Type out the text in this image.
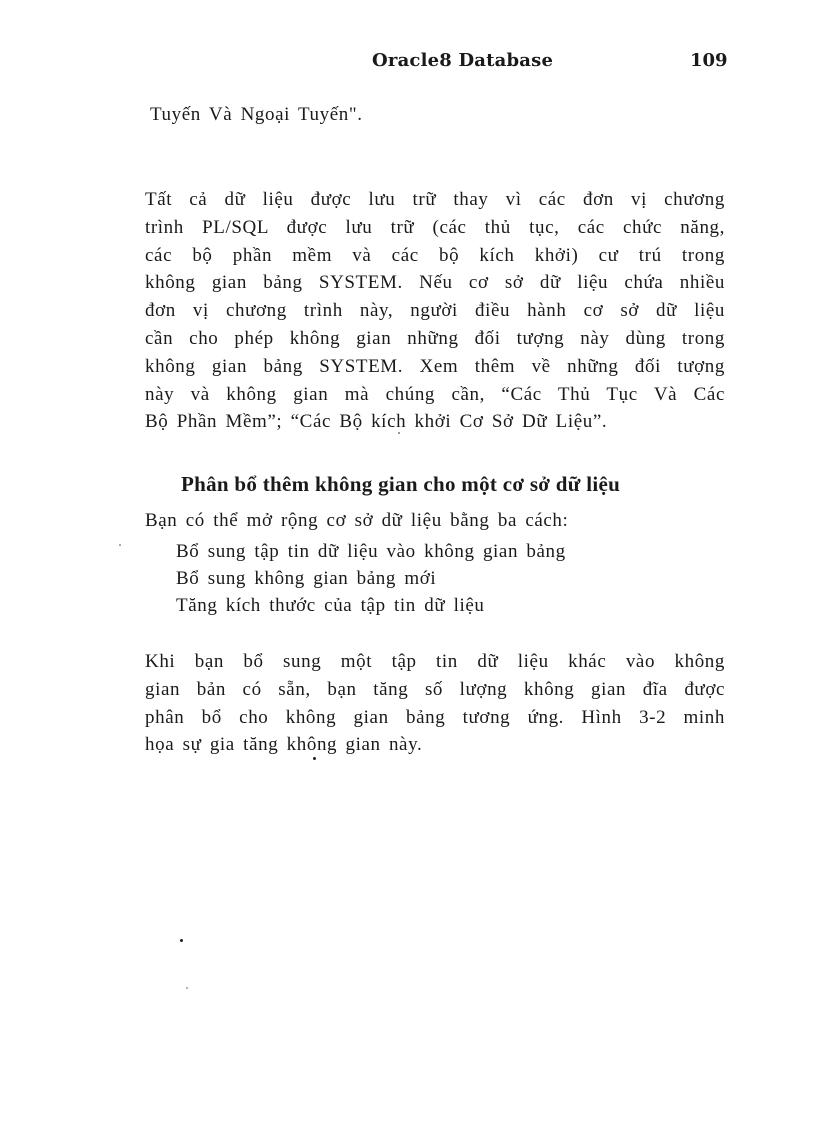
Oracle8 Database	109
Tuyến Và Ngoại Tuyến".
Tất cả dữ liệu được lưu trữ thay vì các đơn vị chương
trình PL/SQL được lưu trữ (các thủ tục, các chức năng,
các bộ phần mềm và các bộ kích khởi) cư trú trong
không gian bảng SYSTEM. Nếu cơ sở dữ liệu chứa nhiều
đơn vị chương trình này, người điều hành cơ sở dữ liệu
cần cho phép không gian những đối tượng này dùng trong
không gian bảng SYSTEM. Xem thêm về những đối tượng
này và không gian mà chúng cần, “Các Thủ Tục Và Các
Bộ Phần Mềm”; “Các Bộ kích khởi Cơ Sở Dữ Liệu”.
Phân bổ thêm không gian cho một cơ sở dữ liệu
Bạn có thể mở rộng cơ sở dữ liệu bằng ba cách:
Bổ sung tập tin dữ liệu vào không gian bảng
Bổ sung không gian bảng mới
Tăng kích thước của tập tin dữ liệu
Khi bạn bổ sung một tập tin dữ liệu khác vào không
gian bản có sẵn, bạn tăng số lượng không gian đĩa được
phân bổ cho không gian bảng tương ứng. Hình 3-2 minh
họa sự gia tăng không gian này.
